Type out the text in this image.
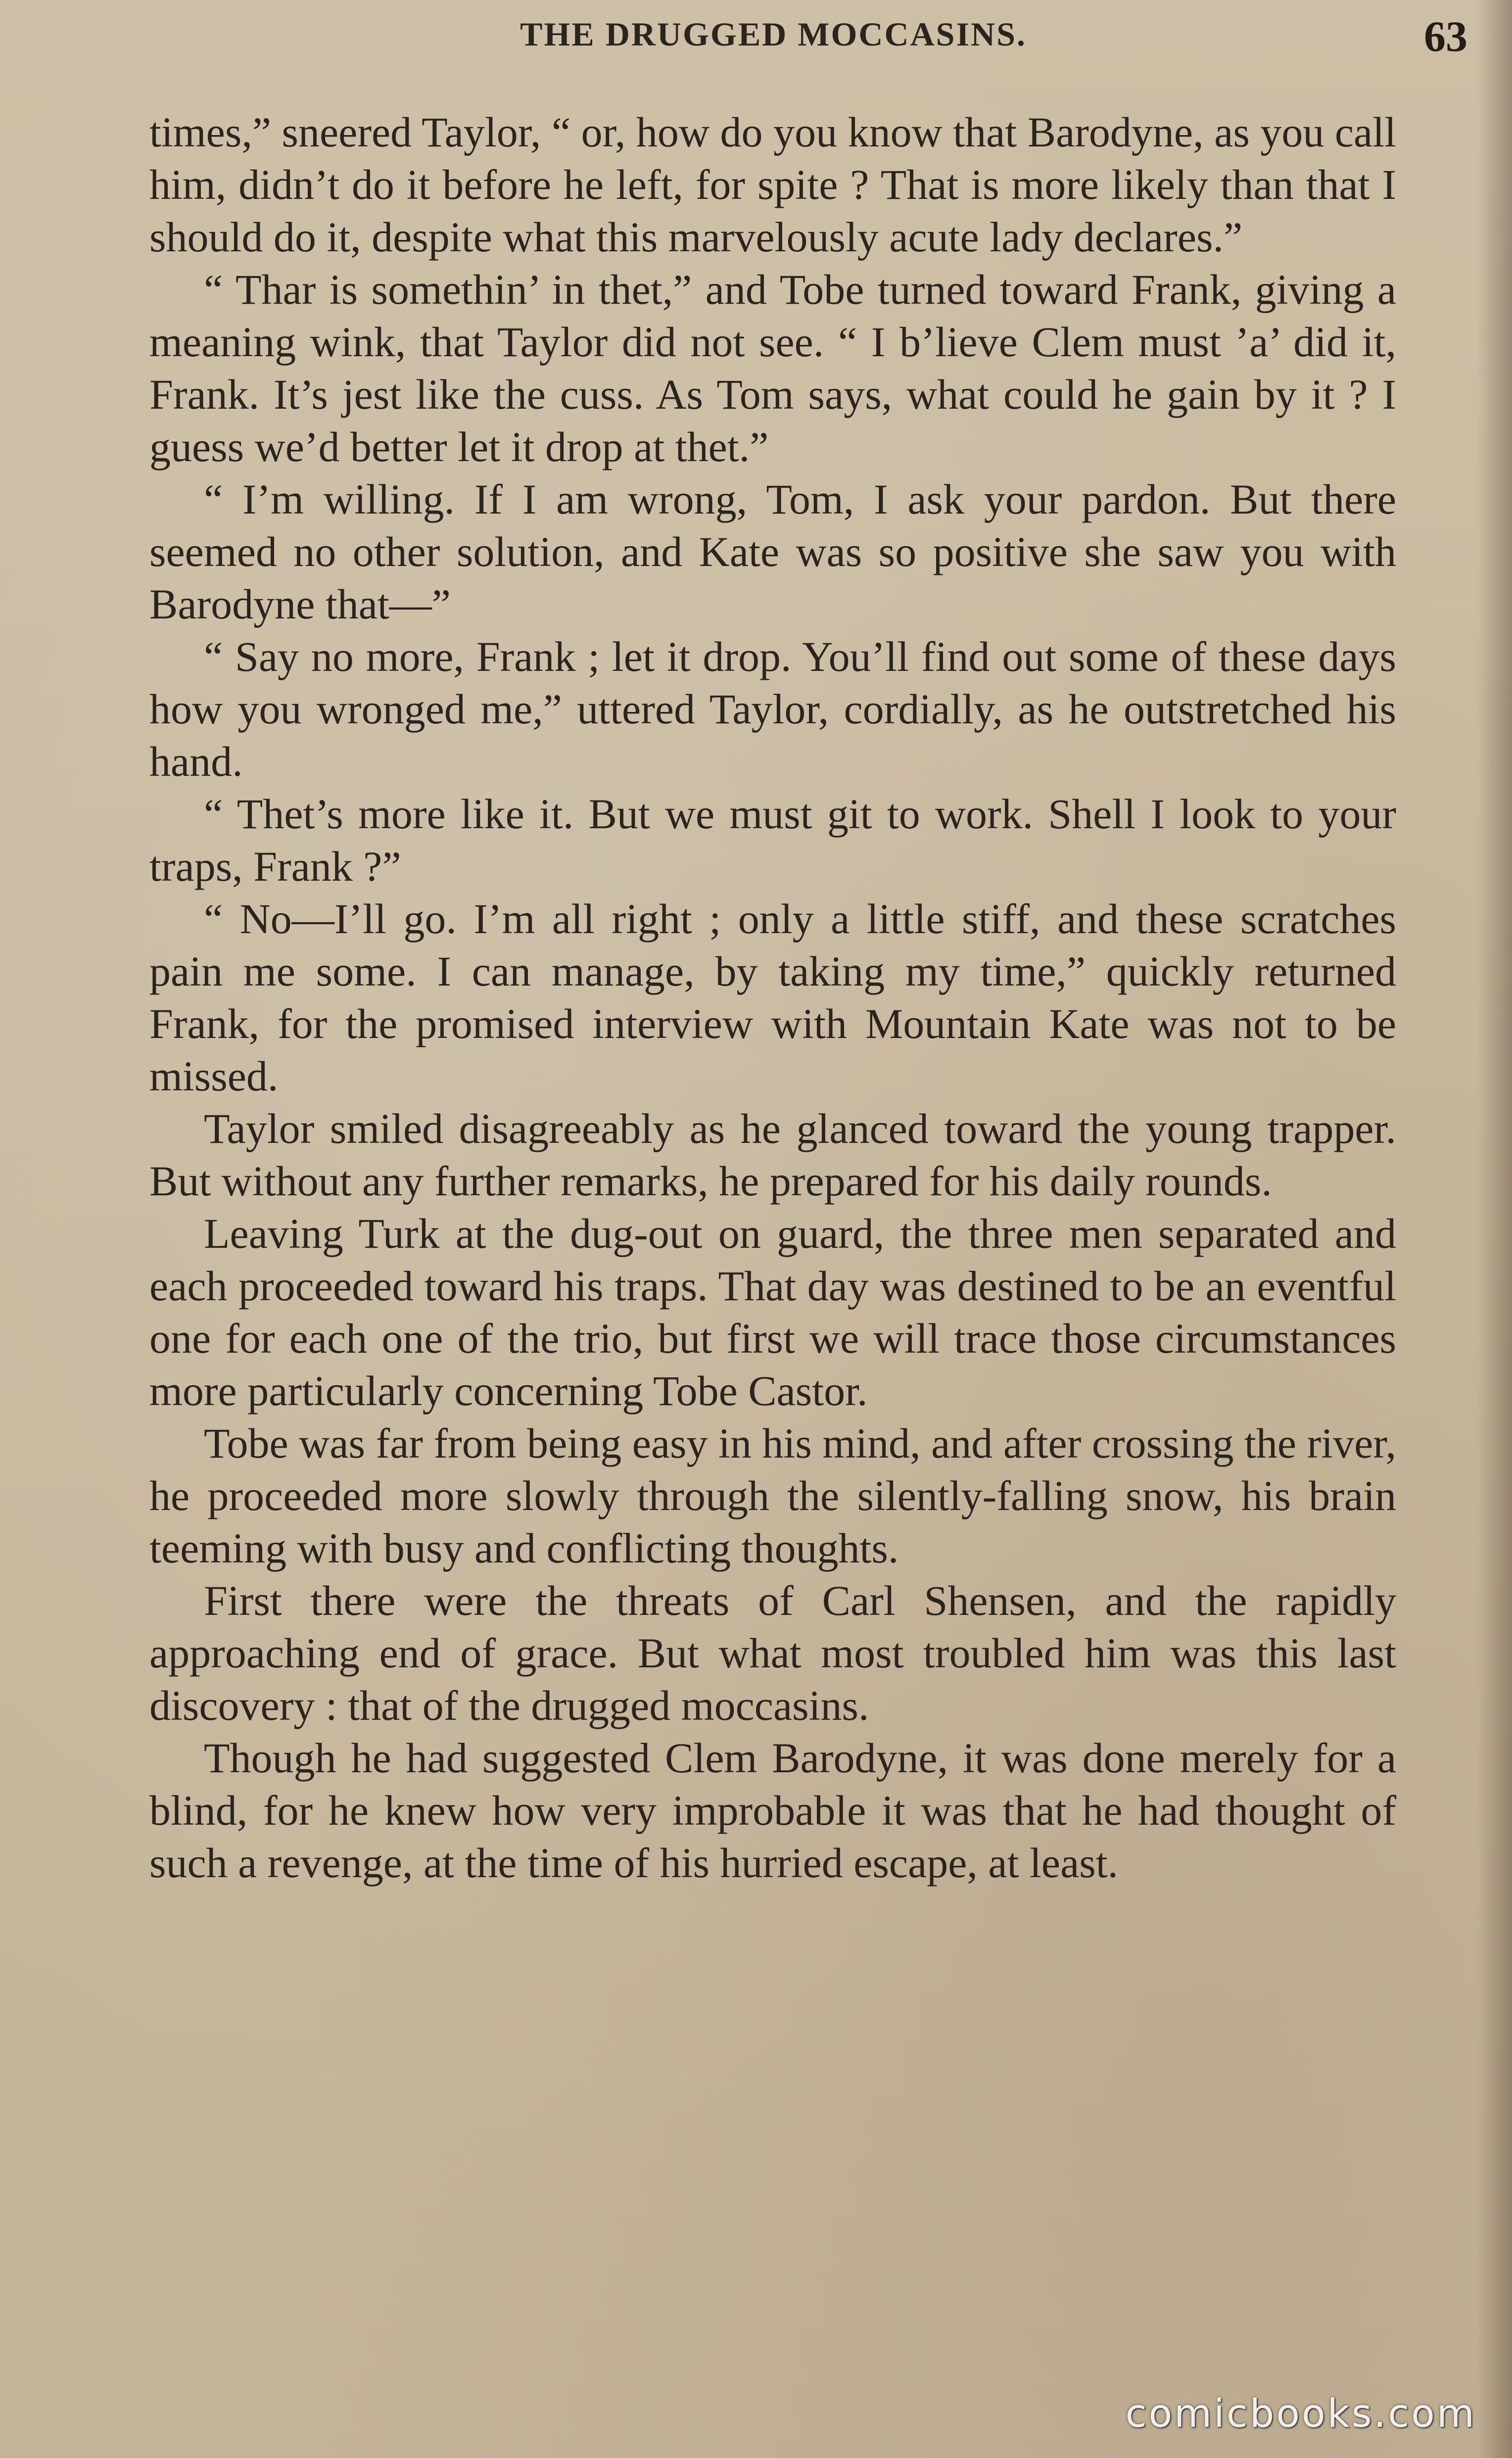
THE DRUGGED MOCCASINS.	63

times,” sneered Taylor, “ or, how do you know that Barodyne, as you call him, didn’t do it before he left, for spite ? That is more likely than that I should do it, despite what this marvelously acute lady declares.”

“ Thar is somethin’ in thet,” and Tobe turned toward Frank, giving a meaning wink, that Taylor did not see. “ I b’lieve Clem must ’a’ did it, Frank. It’s jest like the cuss. As Tom says, what could he gain by it ? I guess we’d better let it drop at thet.”

“ I’m willing. If I am wrong, Tom, I ask your pardon. But there seemed no other solution, and Kate was so positive she saw you with Barodyne that—”

“ Say no more, Frank ; let it drop. You’ll find out some of these days how you wronged me,” uttered Taylor, cordially, as he outstretched his hand.

“ Thet’s more like it. But we must git to work. Shell I look to your traps, Frank ?”

“ No—I’ll go. I’m all right ; only a little stiff, and these scratches pain me some. I can manage, by taking my time,” quickly returned Frank, for the promised interview with Mountain Kate was not to be missed.

Taylor smiled disagreeably as he glanced toward the young trapper. But without any further remarks, he prepared for his daily rounds.

Leaving Turk at the dug-out on guard, the three men separated and each proceeded toward his traps. That day was destined to be an eventful one for each one of the trio, but first we will trace those circumstances more particularly concerning Tobe Castor.

Tobe was far from being easy in his mind, and after crossing the river, he proceeded more slowly through the silently-falling snow, his brain teeming with busy and conflicting thoughts.

First there were the threats of Carl Shensen, and the rapidly approaching end of grace. But what most troubled him was this last discovery : that of the drugged moccasins.

Though he had suggested Clem Barodyne, it was done merely for a blind, for he knew how very improbable it was that he had thought of such a revenge, at the time of his hurried escape, at least.

comicbooks.com
